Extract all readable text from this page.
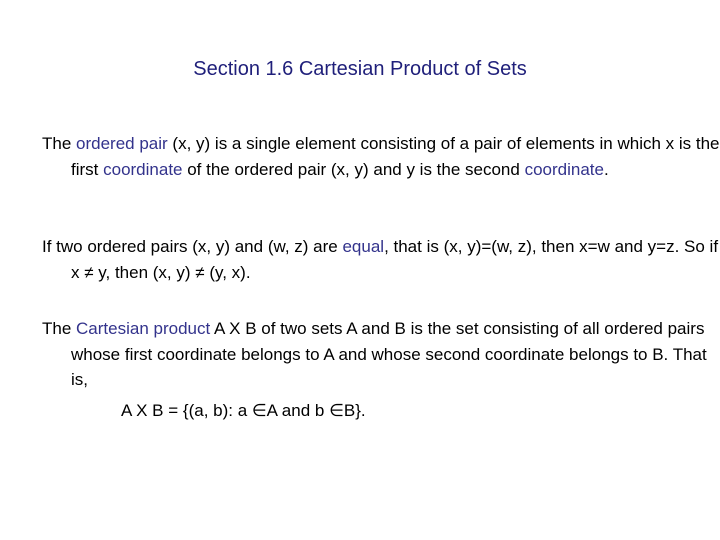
Section 1.6 Cartesian Product of Sets
The ordered pair (x, y) is a single element consisting of a pair of elements in which x is the first coordinate of the ordered pair (x, y) and y is the second coordinate.
If two ordered pairs (x, y) and (w, z) are equal, that is (x, y)=(w, z), then x=w and y=z. So if x ≠ y, then (x, y) ≠ (y, x).
The Cartesian product A X B of two sets A and B is the set consisting of all ordered pairs whose first coordinate belongs to A and whose second coordinate belongs to B. That is,
A X B = {(a, b): a ∈A and b ∈B}.
